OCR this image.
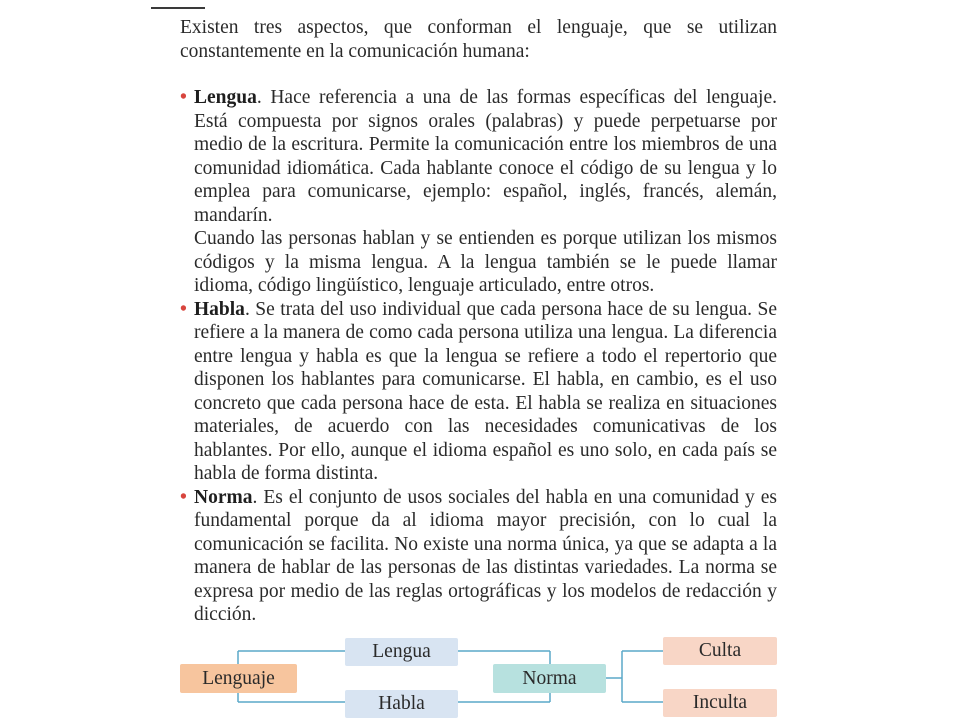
Existen tres aspectos, que conforman el lenguaje, que se utilizan constantemente en la comunicación humana:

• Lengua. Hace referencia a una de las formas específicas del lenguaje. Está compuesta por signos orales (palabras) y puede perpetuarse por medio de la escritura. Permite la comunicación entre los miembros de una comunidad idiomática. Cada hablante conoce el código de su lengua y lo emplea para comunicarse, ejemplo: español, inglés, francés, alemán, mandarín.

Cuando las personas hablan y se entienden es porque utilizan los mismos códigos y la misma lengua. A la lengua también se le puede llamar idioma, código lingüístico, lenguaje articulado, entre otros.

• Habla. Se trata del uso individual que cada persona hace de su lengua. Se refiere a la manera de como cada persona utiliza una lengua. La diferencia entre lengua y habla es que la lengua se refiere a todo el repertorio que disponen los hablantes para comunicarse. El habla, en cambio, es el uso concreto que cada persona hace de esta. El habla se realiza en situaciones materiales, de acuerdo con las necesidades comunicativas de los hablantes. Por ello, aunque el idioma español es uno solo, en cada país se habla de forma distinta.
• Norma. Es el conjunto de usos sociales del habla en una comunidad y es fundamental porque da al idioma mayor precisión, con lo cual la comunicación se facilita. No existe una norma única, ya que se adapta a la manera de hablar de las personas de las distintas variedades. La norma se expresa por medio de las reglas ortográficas y los modelos de redacción y dicción.
Lenguaje
Lengua
Habla
Norma
Culta
Inculta
